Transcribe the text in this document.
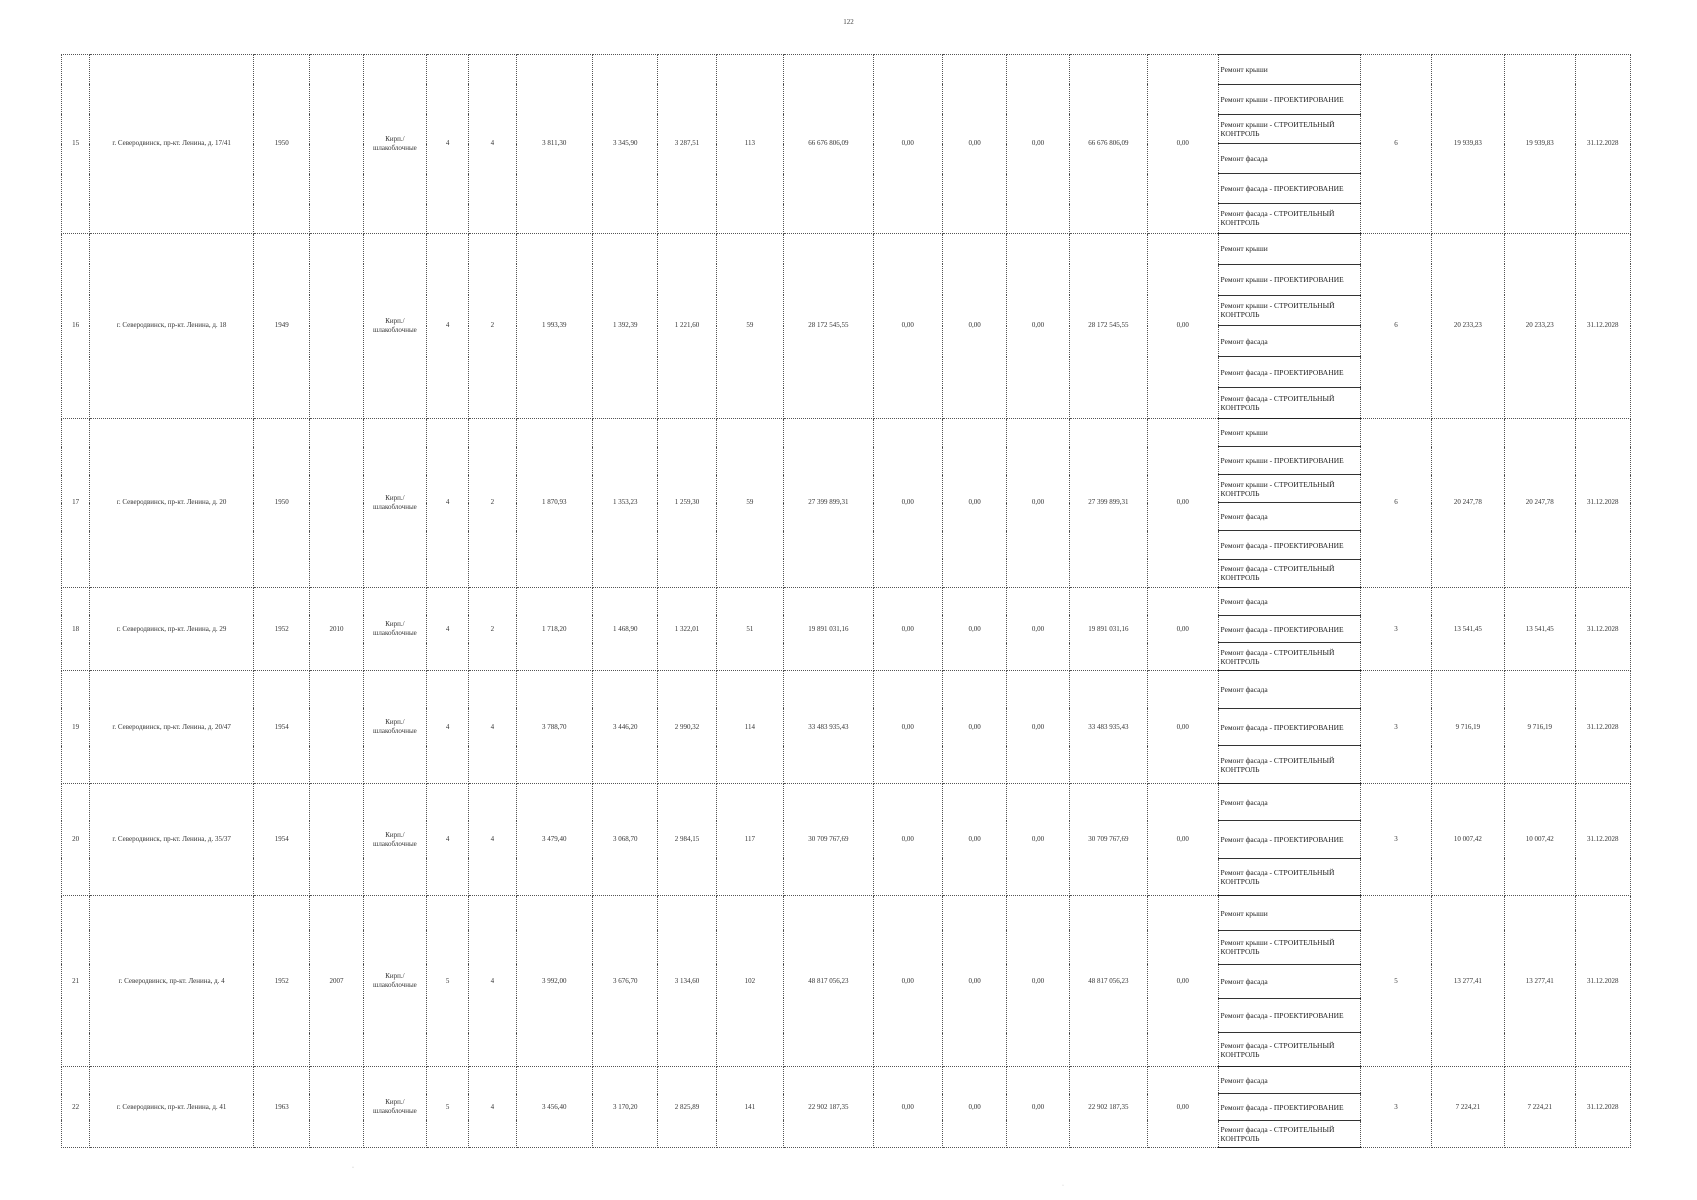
122
15	г. Северодвинск, пр-кт. Ленина, д. 17/41	1950		Кирп./ шлакоблочные	4	4	3 811,30	3 345,90	3 287,51	113	66 676 806,09	0,00	0,00	0,00	66 676 806,09	0,00	Ремонт крыши	6	19 939,83	19 939,83	31.12.2028
																	Ремонт крыши - ПРОЕКТИРОВАНИЕ				
																	Ремонт крыши - СТРОИТЕЛЬНЫЙ КОНТРОЛЬ				
																	Ремонт фасада				
																	Ремонт фасада - ПРОЕКТИРОВАНИЕ				
																	Ремонт фасада - СТРОИТЕЛЬНЫЙ КОНТРОЛЬ				
16	г. Северодвинск, пр-кт. Ленина, д. 18	1949		Кирп./ шлакоблочные	4	2	1 993,39	1 392,39	1 221,60	59	28 172 545,55	0,00	0,00	0,00	28 172 545,55	0,00	Ремонт крыши	6	20 233,23	20 233,23	31.12.2028
																	Ремонт крыши - ПРОЕКТИРОВАНИЕ				
																	Ремонт крыши - СТРОИТЕЛЬНЫЙ КОНТРОЛЬ				
																	Ремонт фасада				
																	Ремонт фасада - ПРОЕКТИРОВАНИЕ				
																	Ремонт фасада - СТРОИТЕЛЬНЫЙ КОНТРОЛЬ				
17	г. Северодвинск, пр-кт. Ленина, д. 20	1950		Кирп./ шлакоблочные	4	2	1 870,93	1 353,23	1 259,30	59	27 399 899,31	0,00	0,00	0,00	27 399 899,31	0,00	Ремонт крыши	6	20 247,78	20 247,78	31.12.2028
																	Ремонт крыши - ПРОЕКТИРОВАНИЕ				
																	Ремонт крыши - СТРОИТЕЛЬНЫЙ КОНТРОЛЬ				
																	Ремонт фасада				
																	Ремонт фасада - ПРОЕКТИРОВАНИЕ				
																	Ремонт фасада - СТРОИТЕЛЬНЫЙ КОНТРОЛЬ				
18	г. Северодвинск, пр-кт. Ленина, д. 29	1952	2010	Кирп./ шлакоблочные	4	2	1 718,20	1 468,90	1 322,01	51	19 891 031,16	0,00	0,00	0,00	19 891 031,16	0,00	Ремонт фасада	3	13 541,45	13 541,45	31.12.2028
																	Ремонт фасада - ПРОЕКТИРОВАНИЕ				
																	Ремонт фасада - СТРОИТЕЛЬНЫЙ КОНТРОЛЬ				
19	г. Северодвинск, пр-кт. Ленина, д. 20/47	1954		Кирп./ шлакоблочные	4	4	3 788,70	3 446,20	2 990,32	114	33 483 935,43	0,00	0,00	0,00	33 483 935,43	0,00	Ремонт фасада	3	9 716,19	9 716,19	31.12.2028
																	Ремонт фасада - ПРОЕКТИРОВАНИЕ				
																	Ремонт фасада - СТРОИТЕЛЬНЫЙ КОНТРОЛЬ				
20	г. Северодвинск, пр-кт. Ленина, д. 35/37	1954		Кирп./ шлакоблочные	4	4	3 479,40	3 068,70	2 984,15	117	30 709 767,69	0,00	0,00	0,00	30 709 767,69	0,00	Ремонт фасада	3	10 007,42	10 007,42	31.12.2028
																	Ремонт фасада - ПРОЕКТИРОВАНИЕ				
																	Ремонт фасада - СТРОИТЕЛЬНЫЙ КОНТРОЛЬ				
21	г. Северодвинск, пр-кт. Ленина, д. 4	1952	2007	Кирп./ шлакоблочные	5	4	3 992,00	3 676,70	3 134,60	102	48 817 056,23	0,00	0,00	0,00	48 817 056,23	0,00	Ремонт крыши	5	13 277,41	13 277,41	31.12.2028
																	Ремонт крыши - СТРОИТЕЛЬНЫЙ КОНТРОЛЬ				
																	Ремонт фасада				
																	Ремонт фасада - ПРОЕКТИРОВАНИЕ				
																	Ремонт фасада - СТРОИТЕЛЬНЫЙ КОНТРОЛЬ				
22	г. Северодвинск, пр-кт. Ленина, д. 41	1963		Кирп./ шлакоблочные	5	4	3 456,40	3 170,20	2 825,89	141	22 902 187,35	0,00	0,00	0,00	22 902 187,35	0,00	Ремонт фасада	3	7 224,21	7 224,21	31.12.2028
																	Ремонт фасада - ПРОЕКТИРОВАНИЕ				
																	Ремонт фасада - СТРОИТЕЛЬНЫЙ КОНТРОЛЬ				
·
·
